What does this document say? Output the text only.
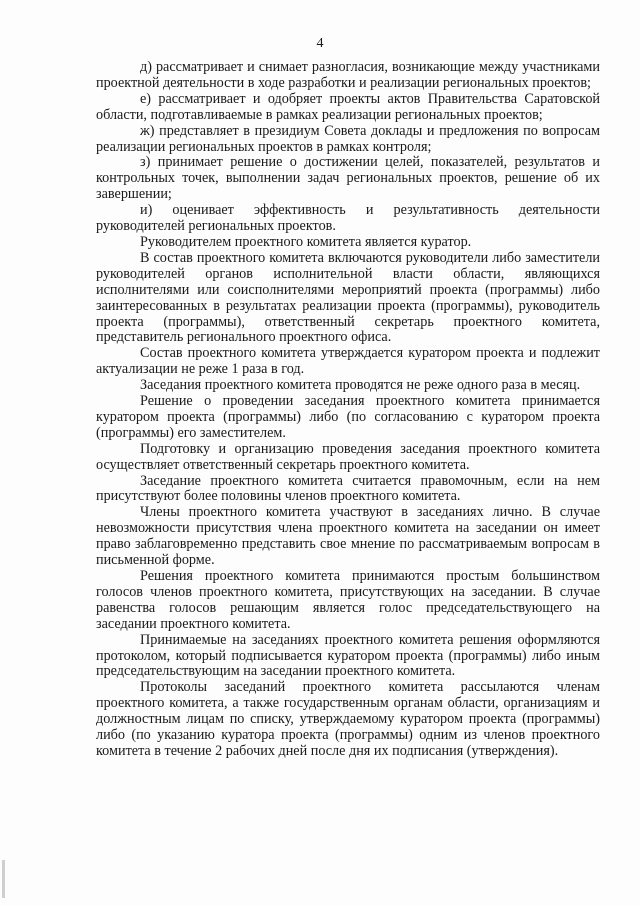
4

д) рассматривает и снимает разногласия, возникающие между участниками проектной деятельности в ходе разработки и реализации региональных проектов;

е) рассматривает и одобряет проекты актов Правительства Саратовской области, подготавливаемые в рамках реализации региональных проектов;

ж) представляет в президиум Совета доклады и предложения по вопросам реализации региональных проектов в рамках контроля;

з) принимает решение о достижении целей, показателей, результатов и контрольных точек, выполнении задач региональных проектов, решение об их завершении;

и) оценивает эффективность и результативность деятельности руководителей региональных проектов.

Руководителем проектного комитета является куратор.

В состав проектного комитета включаются руководители либо заместители руководителей органов исполнительной власти области, являющихся исполнителями или соисполнителями мероприятий проекта (программы) либо заинтересованных в результатах реализации проекта (программы), руководитель проекта (программы), ответственный секретарь проектного комитета, представитель регионального проектного офиса.

Состав проектного комитета утверждается куратором проекта и подлежит актуализации не реже 1 раза в год.

Заседания проектного комитета проводятся не реже одного раза в месяц.

Решение о проведении заседания проектного комитета принимается куратором проекта (программы) либо (по согласованию с куратором проекта (программы) его заместителем.

Подготовку и организацию проведения заседания проектного комитета осуществляет ответственный секретарь проектного комитета.

Заседание проектного комитета считается правомочным, если на нем присутствуют более половины членов проектного комитета.

Члены проектного комитета участвуют в заседаниях лично. В случае невозможности присутствия члена проектного комитета на заседании он имеет право заблаговременно представить свое мнение по рассматриваемым вопросам в письменной форме.

Решения проектного комитета принимаются простым большинством голосов членов проектного комитета, присутствующих на заседании. В случае равенства голосов решающим является голос председательствующего на заседании проектного комитета.

Принимаемые на заседаниях проектного комитета решения оформляются протоколом, который подписывается куратором проекта (программы) либо иным председательствующим на заседании проектного комитета.

Протоколы заседаний проектного комитета рассылаются членам проектного комитета, а также государственным органам области, организациям и должностным лицам по списку, утверждаемому куратором проекта (программы) либо (по указанию куратора проекта (программы) одним из членов проектного комитета в течение 2 рабочих дней после дня их подписания (утверждения).
